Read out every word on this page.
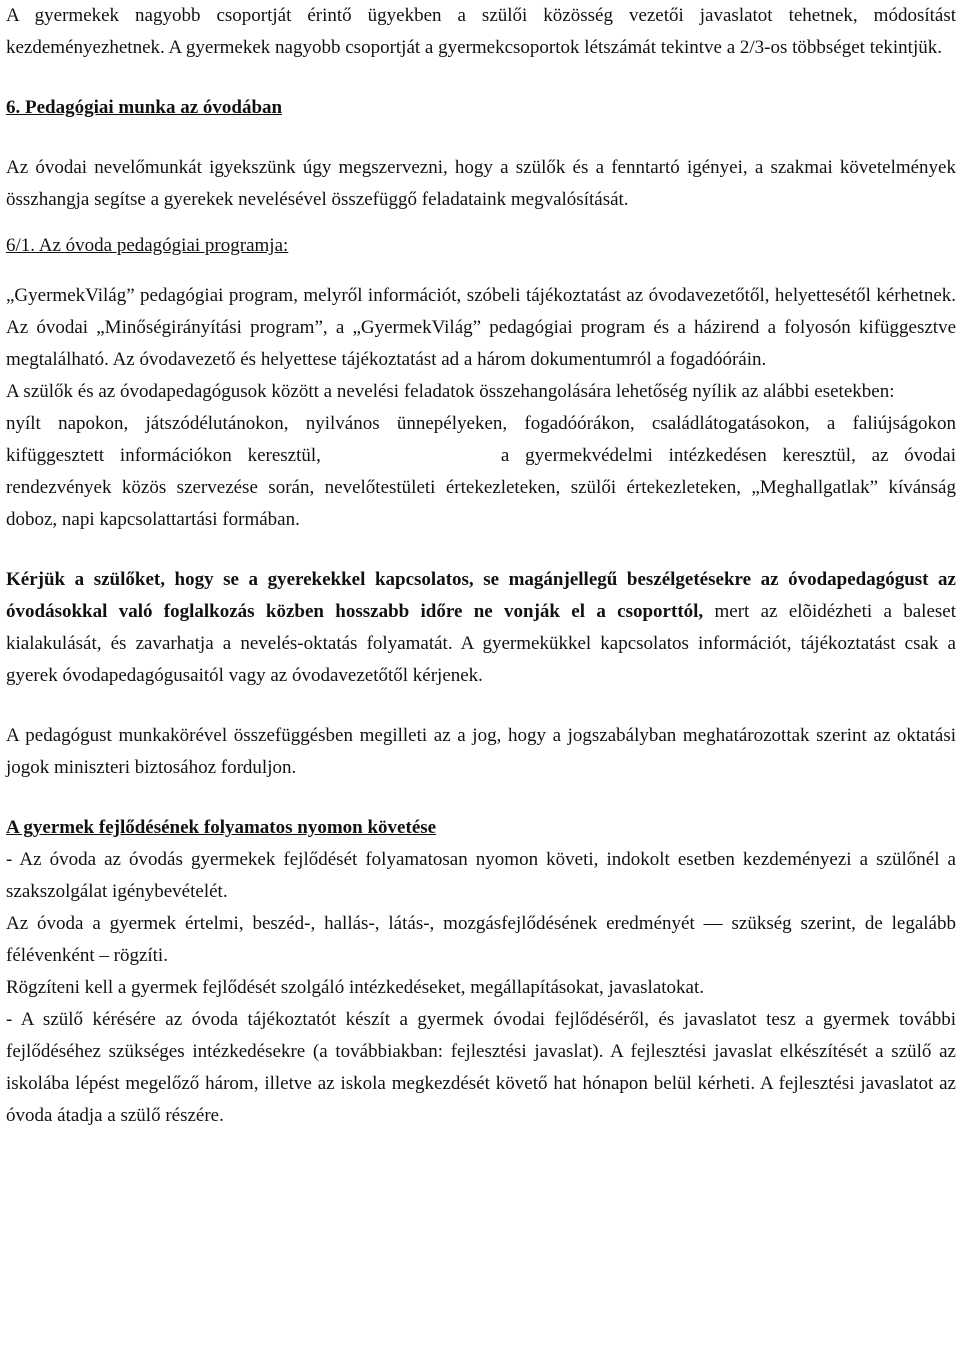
A gyermekek nagyobb csoportját érintő ügyekben a szülői közösség vezetői javaslatot tehetnek, módosítást kezdeményezhetnek. A gyermekek nagyobb csoportját a gyermekcsoportok létszámát tekintve a 2/3-os többséget tekintjük.

6. Pedagógiai munka az óvodában

Az óvodai nevelőmunkát igyekszünk úgy megszervezni, hogy a szülők és a fenntartó igényei, a szakmai követelmények összhangja segítse a gyerekek nevelésével összefüggő feladataink megvalósítását.

6/1. Az óvoda pedagógiai programja:

„GyermekVilág” pedagógiai program, melyről információt, szóbeli tájékoztatást az óvodavezetőtől, helyettesétől kérhetnek. Az óvodai „Minőségirányítási program”, a „GyermekVilág” pedagógiai program és a házirend a folyosón kifüggesztve megtalálható. Az óvodavezető és helyettese tájékoztatást ad a három dokumentumról a fogadóóráin.

A szülők és az óvodapedagógusok között a nevelési feladatok összehangolására lehetőség nyílik az alábbi esetekben:

nyílt napokon, játszódélutánokon, nyilvános ünnepélyeken, fogadóórákon, családlátogatásokon, a faliújságokon kifüggesztett információkon keresztül,	a gyermekvédelmi intézkedésen keresztül, az óvodai rendezvények közös szervezése során, nevelőtestületi értekezleteken, szülői értekezleteken, „Meghallgatlak” kívánság doboz, napi kapcsolattartási formában.

Kérjük a szülőket, hogy se a gyerekekkel kapcsolatos, se magánjellegű beszélgetésekre az óvodapedagógust az óvodásokkal való foglalkozás közben hosszabb időre ne vonják el a csoporttól, mert az elõidézheti a baleset kialakulását, és zavarhatja a nevelés-oktatás folyamatát. A gyermekükkel kapcsolatos információt, tájékoztatást csak a gyerek óvodapedagógusaitól vagy az óvodavezetőtől kérjenek.

A pedagógust munkakörével összefüggésben megilleti az a jog, hogy a jogszabályban meghatározottak szerint az oktatási jogok miniszteri biztosához forduljon.

A gyermek fejlődésének folyamatos nyomon követése

- Az óvoda az óvodás gyermekek fejlődését folyamatosan nyomon követi, indokolt esetben kezdeményezi a szülőnél a szakszolgálat igénybevételét.

Az óvoda a gyermek értelmi, beszéd-, hallás-, látás-, mozgásfejlődésének eredményét — szükség szerint, de legalább félévenként – rögzíti.

Rögzíteni kell a gyermek fejlődését szolgáló intézkedéseket, megállapításokat, javaslatokat.

- A szülő kérésére az óvoda tájékoztatót készít a gyermek óvodai fejlődéséről, és javaslatot tesz a gyermek további fejlődéséhez szükséges intézkedésekre (a továbbiakban: fejlesztési javaslat). A fejlesztési javaslat elkészítését a szülő az iskolába lépést megelőző három, illetve az iskola megkezdését követő hat hónapon belül kérheti. A fejlesztési javaslatot az óvoda átadja a szülő részére.
